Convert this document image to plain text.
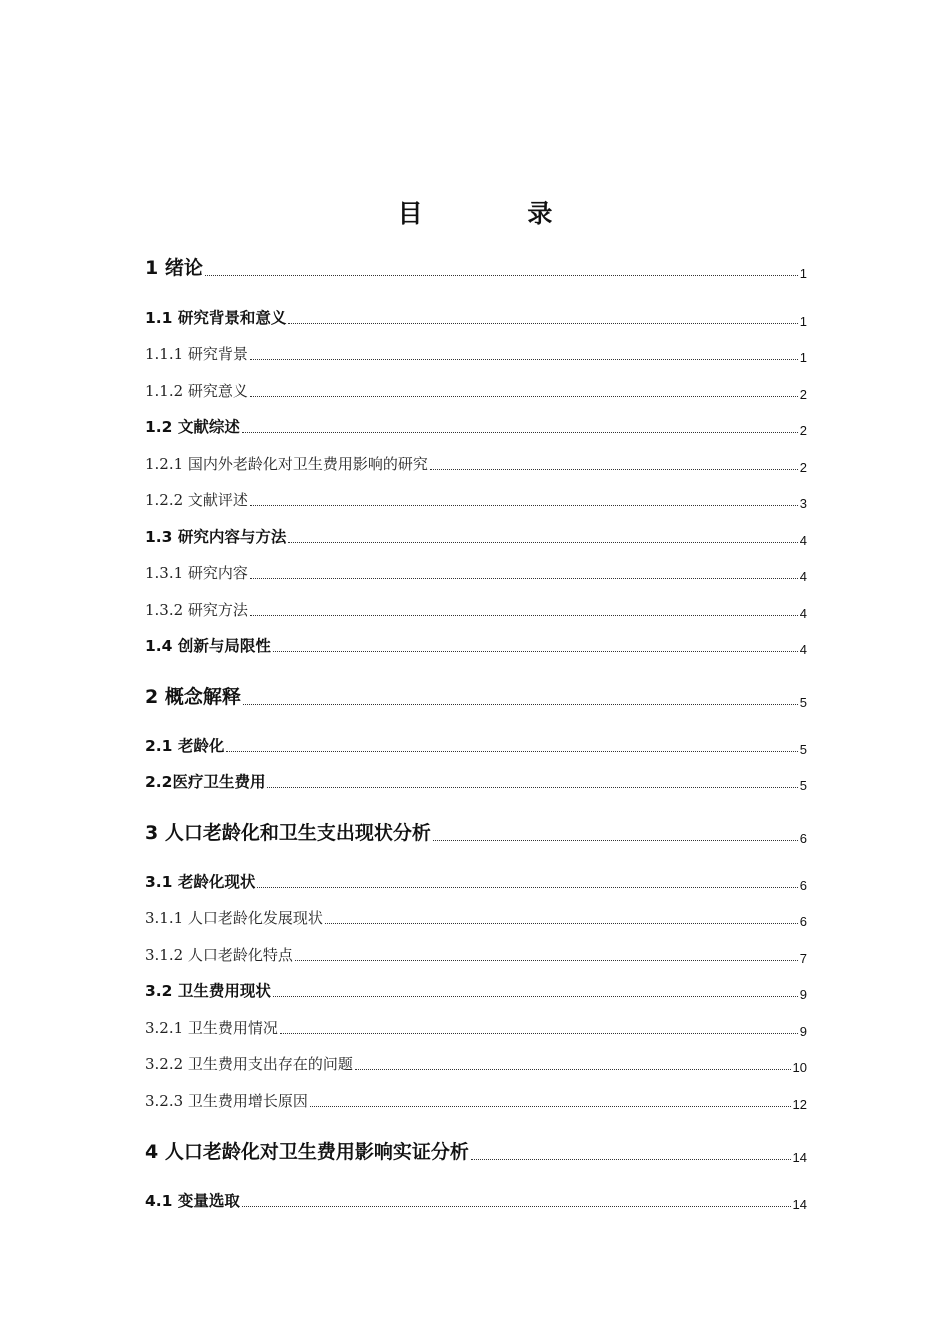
目 录
1 绪论	1
1.1 研究背景和意义	1
1.1.1 研究背景	1
1.1.2 研究意义	2
1.2 文献综述	2
1.2.1 国内外老龄化对卫生费用影响的研究	2
1.2.2 文献评述	3
1.3 研究内容与方法	4
1.3.1 研究内容	4
1.3.2 研究方法	4
1.4 创新与局限性	4
2 概念解释	5
2.1 老龄化	5
2.2医疗卫生费用	5
3 人口老龄化和卫生支出现状分析	6
3.1 老龄化现状	6
3.1.1 人口老龄化发展现状	6
3.1.2 人口老龄化特点	7
3.2 卫生费用现状	9
3.2.1 卫生费用情况	9
3.2.2 卫生费用支出存在的问题	10
3.2.3 卫生费用增长原因	12
4 人口老龄化对卫生费用影响实证分析	14
4.1 变量选取	14
